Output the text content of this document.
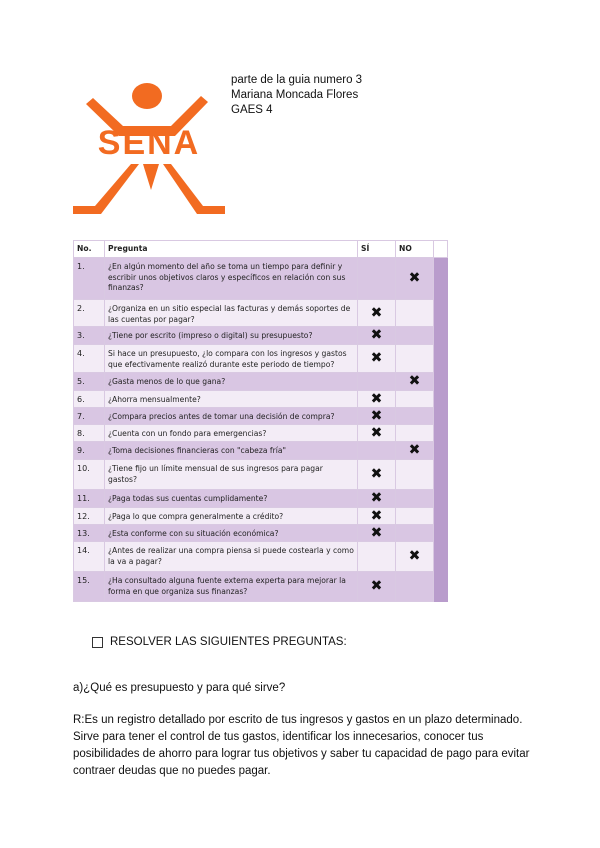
parte de la guia numero 3
Mariana Moncada Flores
GAES 4
SENA
No.	Pregunta	SÍ	NO	
1.	¿En algún momento del año se toma un tiempo para definir y escribir unos objetivos claros y específicos en relación con sus finanzas?		✖	
2.	¿Organiza en un sitio especial las facturas y demás soportes de las cuentas por pagar?	✖		
3.	¿Tiene por escrito (impreso o digital) su presupuesto?	✖		
4.	Si hace un presupuesto, ¿lo compara con los ingresos y gastos que efectivamente realizó durante este periodo de tiempo?	✖		
5.	¿Gasta menos de lo que gana?		✖	
6.	¿Ahorra mensualmente?	✖		
7.	¿Compara precios antes de tomar una decisión de compra?	✖		
8.	¿Cuenta con un fondo para emergencias?	✖		
9.	¿Toma decisiones financieras con "cabeza fría"		✖	
10.	¿Tiene fijo un límite mensual de sus ingresos para pagar gastos?	✖		
11.	¿Paga todas sus cuentas cumplidamente?	✖		
12.	¿Paga lo que compra generalmente a crédito?	✖		
13.	¿Esta conforme con su situación económica?	✖		
14.	¿Antes de realizar una compra piensa si puede costearla y como la va a pagar?		✖	
15.	¿Ha consultado alguna fuente externa experta para mejorar la forma en que organiza sus finanzas?	✖		
RESOLVER LAS SIGUIENTES PREGUNTAS:
a)¿Qué es presupuesto y para qué sirve?
R:Es un registro detallado por escrito de tus ingresos y gastos en un plazo determinado. Sirve para tener el control de tus gastos, identificar los innecesarios, conocer tus posibilidades de ahorro para lograr tus objetivos y saber tu capacidad de pago para evitar contraer deudas que no puedes pagar.
